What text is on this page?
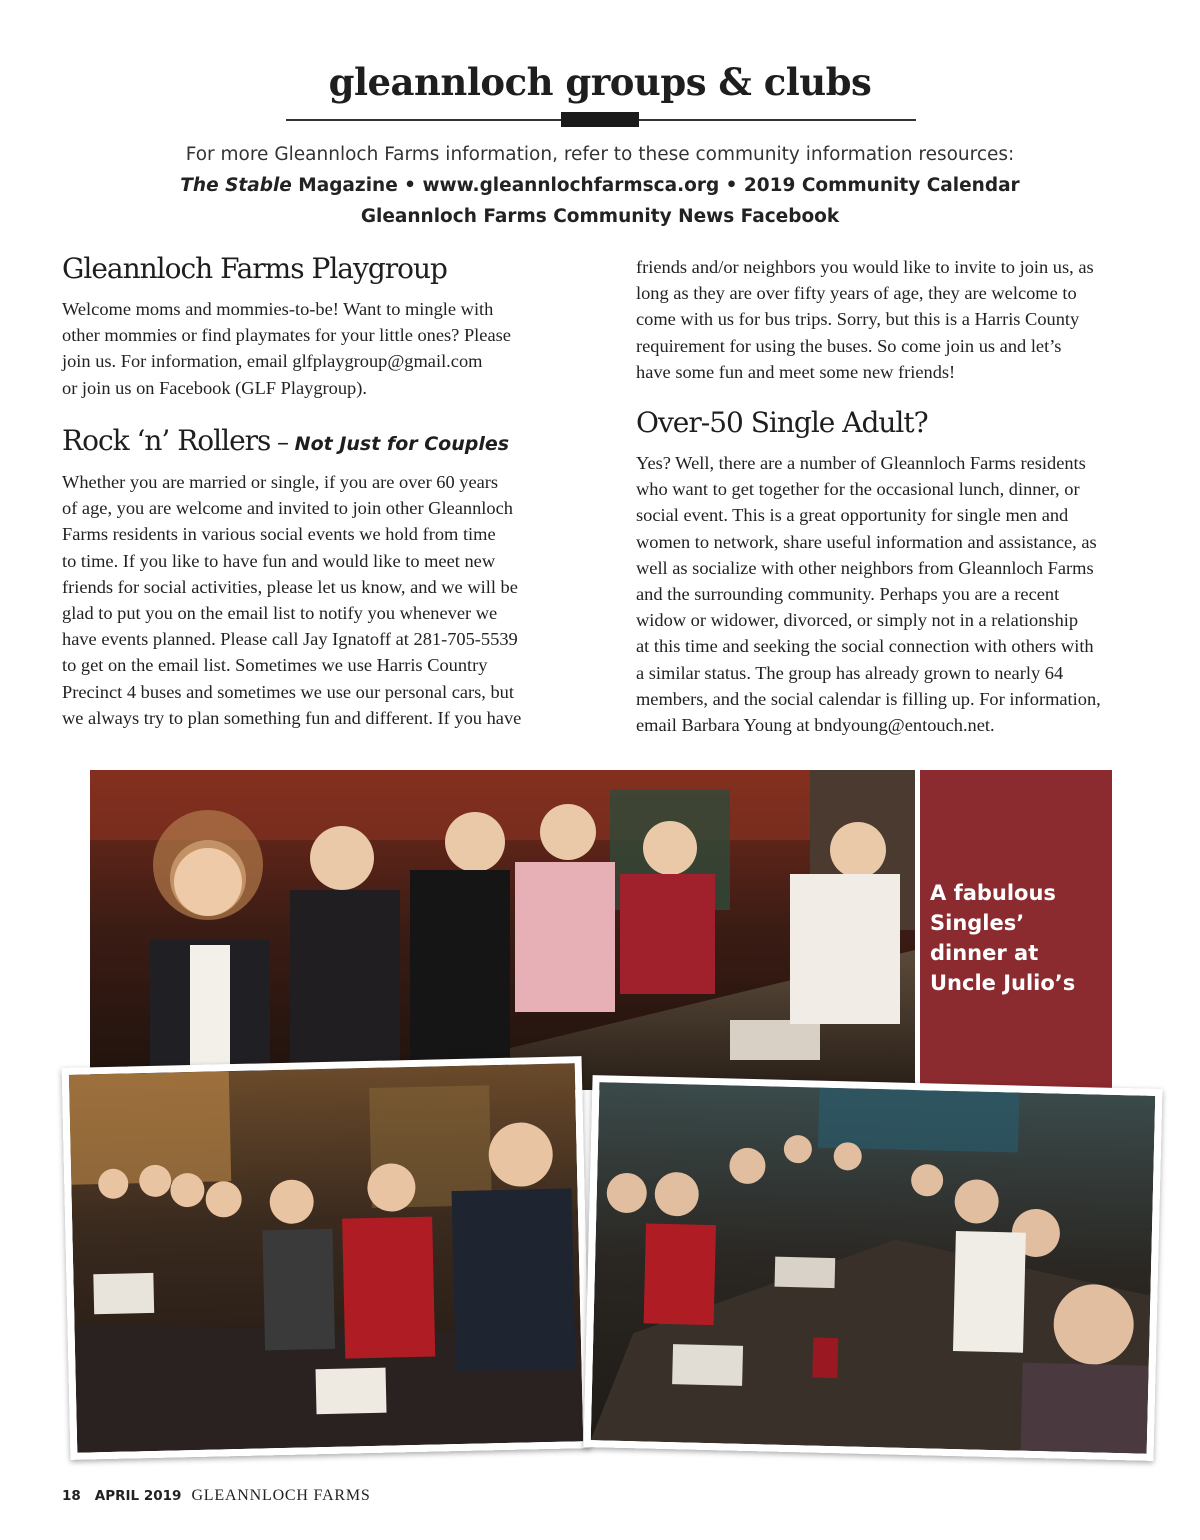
gleannloch groups & clubs
For more Gleannloch Farms information, refer to these community information resources:
The Stable Magazine • www.gleannlochfarmsca.org • 2019 Community Calendar
Gleannloch Farms Community News Facebook
Gleannloch Farms Playgroup
Welcome moms and mommies-to-be! Want to mingle with
other mommies or find playmates for your little ones? Please
join us. For information, email glfplaygroup@gmail.com
or join us on Facebook (GLF Playgroup).
Rock ‘n’ Rollers – Not Just for Couples
Whether you are married or single, if you are over 60 years
of age, you are welcome and invited to join other Gleannloch
Farms residents in various social events we hold from time
to time. If you like to have fun and would like to meet new
friends for social activities, please let us know, and we will be
glad to put you on the email list to notify you whenever we
have events planned. Please call Jay Ignatoff at 281-705-5539
to get on the email list. Sometimes we use Harris Country
Precinct 4 buses and sometimes we use our personal cars, but
we always try to plan something fun and different. If you have
friends and/or neighbors you would like to invite to join us, as
long as they are over fifty years of age, they are welcome to
come with us for bus trips. Sorry, but this is a Harris County
requirement for using the buses. So come join us and let’s
have some fun and meet some new friends!
Over-50 Single Adult?
Yes? Well, there are a number of Gleannloch Farms residents
who want to get together for the occasional lunch, dinner, or
social event. This is a great opportunity for single men and
women to network, share useful information and assistance, as
well as socialize with other neighbors from Gleannloch Farms
and the surrounding community. Perhaps you are a recent
widow or widower, divorced, or simply not in a relationship
at this time and seeking the social connection with others with
a similar status. The group has already grown to nearly 64
members, and the social calendar is filling up. For information,
email Barbara Young at bndyoung@entouch.net.
A fabulous Singles’ dinner at Uncle Julio’s
18 APRIL 2019 GLEANNLOCH FARMS
